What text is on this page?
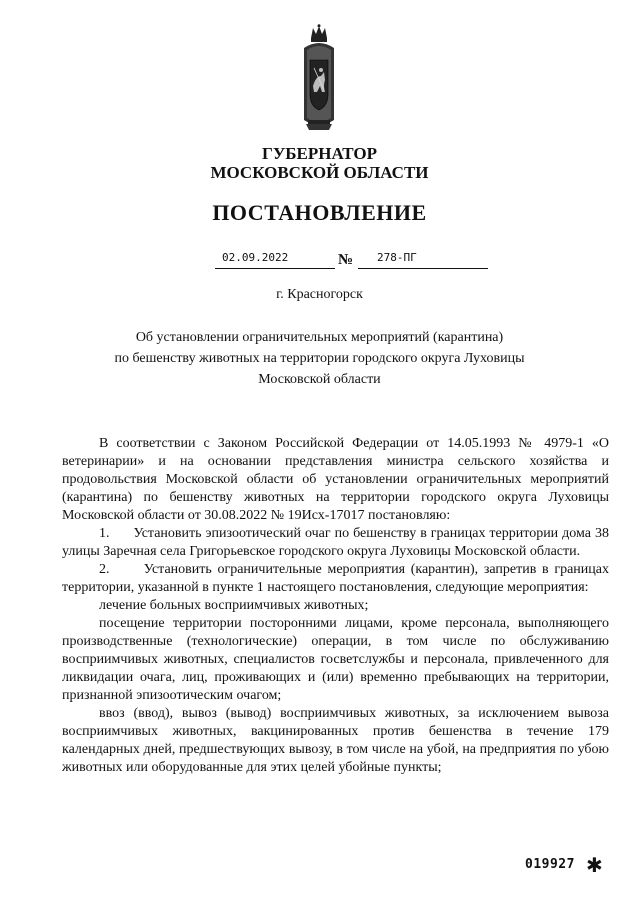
ГУБЕРНАТОР
МОСКОВСКОЙ ОБЛАСТИ
ПОСТАНОВЛЕНИЕ
02.09.2022	№ 278-ПГ
г. Красногорск
Об установлении ограничительных мероприятий (карантина)
по бешенству животных на территории городского округа Луховицы
Московской области

В соответствии с Законом Российской Федерации от 14.05.1993 № 4979-1 «О ветеринарии» и на основании представления министра сельского хозяйства и продовольствия Московской области об установлении ограничительных мероприятий (карантина) по бешенству животных на территории городского округа Луховицы Московской области от 30.08.2022 № 19Исх-17017 постановляю:

1.      Установить эпизоотический очаг по бешенству в границах территории дома 38 улицы Заречная села Григорьевское городского округа Луховицы Московской области.

2.      Установить ограничительные мероприятия (карантин), запретив в границах территории, указанной в пункте 1 настоящего постановления, следующие мероприятия:

лечение больных восприимчивых животных;

посещение территории посторонними лицами, кроме персонала, выполняющего производственные (технологические) операции, в том числе по обслуживанию восприимчивых животных, специалистов госветслужбы и персонала, привлеченного для ликвидации очага, лиц, проживающих и (или) временно пребывающих на территории, признанной эпизоотическим очагом;

ввоз (ввод), вывоз (вывод) восприимчивых животных, за исключением вывоза восприимчивых животных, вакцинированных против бешенства в течение 179 календарных дней, предшествующих вывозу, в том числе на убой, на предприятия по убою животных или оборудованные для этих целей убойные пункты;

019927 ✱
